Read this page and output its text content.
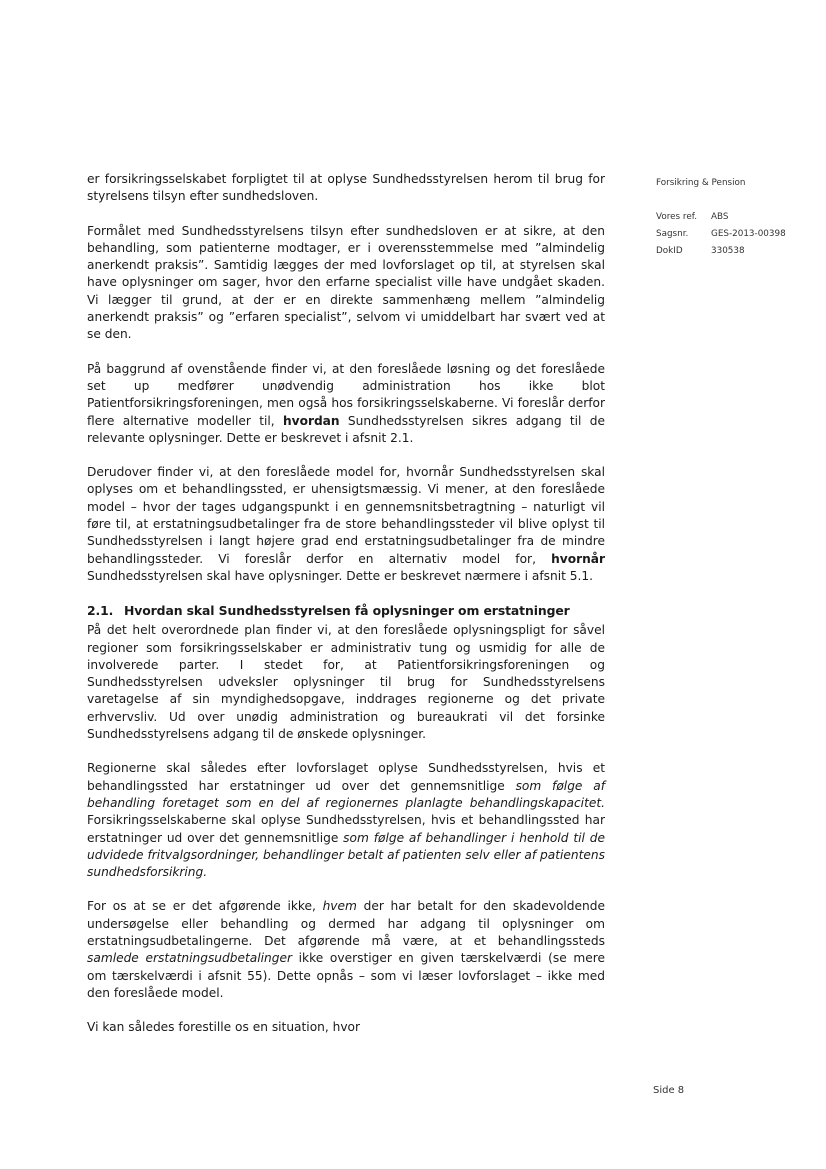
Forsikring & Pension
Vores ref.	ABS
Sagsnr.	GES-2013-00398
DokID	330538

er forsikringsselskabet forpligtet til at oplyse Sundhedsstyrelsen herom til brug for styrelsens tilsyn efter sundhedsloven.

Formålet med Sundhedsstyrelsens tilsyn efter sundhedsloven er at sikre, at den behandling, som patienterne modtager, er i overensstemmelse med ”almindelig anerkendt praksis”. Samtidig lægges der med lovforslaget op til, at styrelsen skal have oplysninger om sager, hvor den erfarne specialist ville have undgået skaden. Vi lægger til grund, at der er en direkte sammenhæng mellem ”almindelig anerkendt praksis” og ”erfaren specialist”, selvom vi umiddelbart har svært ved at se den.

På baggrund af ovenstående finder vi, at den foreslåede løsning og det foreslåede set up medfører unødvendig administration hos ikke blot Patientforsikringsforeningen, men også hos forsikringsselskaberne. Vi foreslår derfor flere alternative modeller til, hvordan Sundhedsstyrelsen sikres adgang til de relevante oplysninger. Dette er beskrevet i afsnit 2.1.

Derudover finder vi, at den foreslåede model for, hvornår Sundhedsstyrelsen skal oplyses om et behandlingssted, er uhensigtsmæssig. Vi mener, at den foreslåede model – hvor der tages udgangspunkt i en gennemsnitsbetragtning – naturligt vil føre til, at erstatningsudbetalinger fra de store behandlingssteder vil blive oplyst til Sundhedsstyrelsen i langt højere grad end erstatningsudbetalinger fra de mindre behandlingssteder. Vi foreslår derfor en alternativ model for, hvornår Sundhedsstyrelsen skal have oplysninger. Dette er beskrevet nærmere i afsnit 5.1.

2.1. Hvordan skal Sundhedsstyrelsen få oplysninger om erstatninger

På det helt overordnede plan finder vi, at den foreslåede oplysningspligt for såvel regioner som forsikringsselskaber er administrativ tung og usmidig for alle de involverede parter. I stedet for, at Patientforsikringsforeningen og Sundhedsstyrelsen udveksler oplysninger til brug for Sundhedsstyrelsens varetagelse af sin myndighedsopgave, inddrages regionerne og det private erhvervsliv. Ud over unødig administration og bureaukrati vil det forsinke Sundhedsstyrelsens adgang til de ønskede oplysninger.

Regionerne skal således efter lovforslaget oplyse Sundhedsstyrelsen, hvis et behandlingssted har erstatninger ud over det gennemsnitlige som følge af behandling foretaget som en del af regionernes planlagte behandlingskapacitet. Forsikringsselskaberne skal oplyse Sundhedsstyrelsen, hvis et behandlingssted har erstatninger ud over det gennemsnitlige som følge af behandlinger i henhold til de udvidede fritvalgsordninger, behandlinger betalt af patienten selv eller af patientens sundhedsforsikring.

For os at se er det afgørende ikke, hvem der har betalt for den skadevoldende undersøgelse eller behandling og dermed har adgang til oplysninger om erstatningsudbetalingerne. Det afgørende må være, at et behandlingssteds samlede erstatningsudbetalinger ikke overstiger en given tærskelværdi (se mere om tærskelværdi i afsnit 55). Dette opnås – som vi læser lovforslaget – ikke med den foreslåede model.

Vi kan således forestille os en situation, hvor

Side 8
